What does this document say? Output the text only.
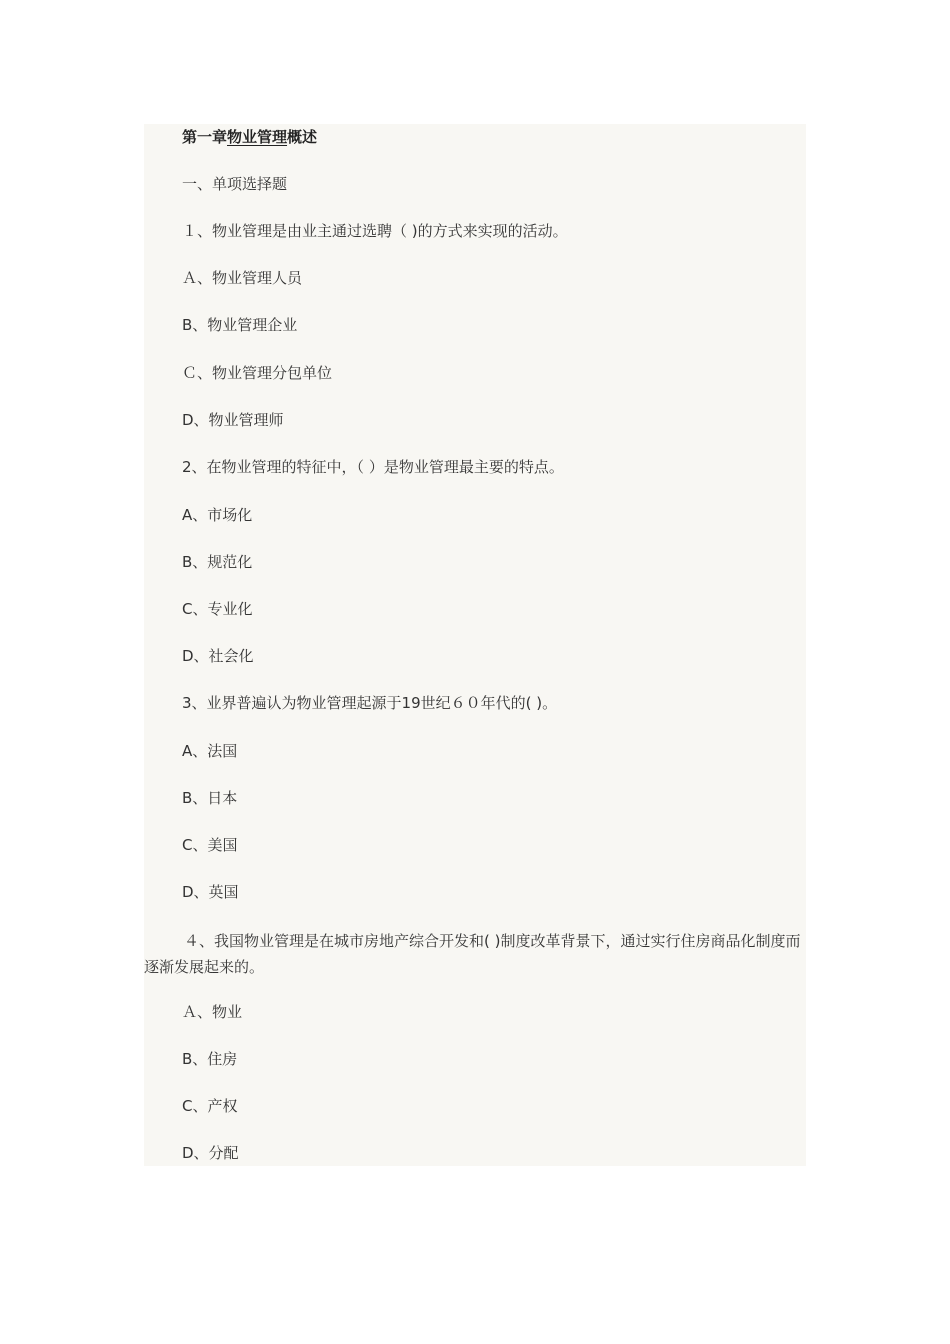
第一章物业管理概述
一、单项选择题
１、物业管理是由业主通过选聘（ )的方式来实现的活动。
Ａ、物业管理人员
B、物业管理企业
Ｃ、物业管理分包单位
D、物业管理师
2、在物业管理的特征中，（ ）是物业管理最主要的特点。
A、市场化
B、规范化
C、专业化
D、社会化
3、业界普遍认为物业管理起源于19世纪６０年代的( )。
A、法国
B、日本
C、美国
D、英国
４、我国物业管理是在城市房地产综合开发和( )制度改革背景下，通过实行住房商品化制度而逐渐发展起来的。
Ａ、物业
B、住房
C、产权
D、分配
